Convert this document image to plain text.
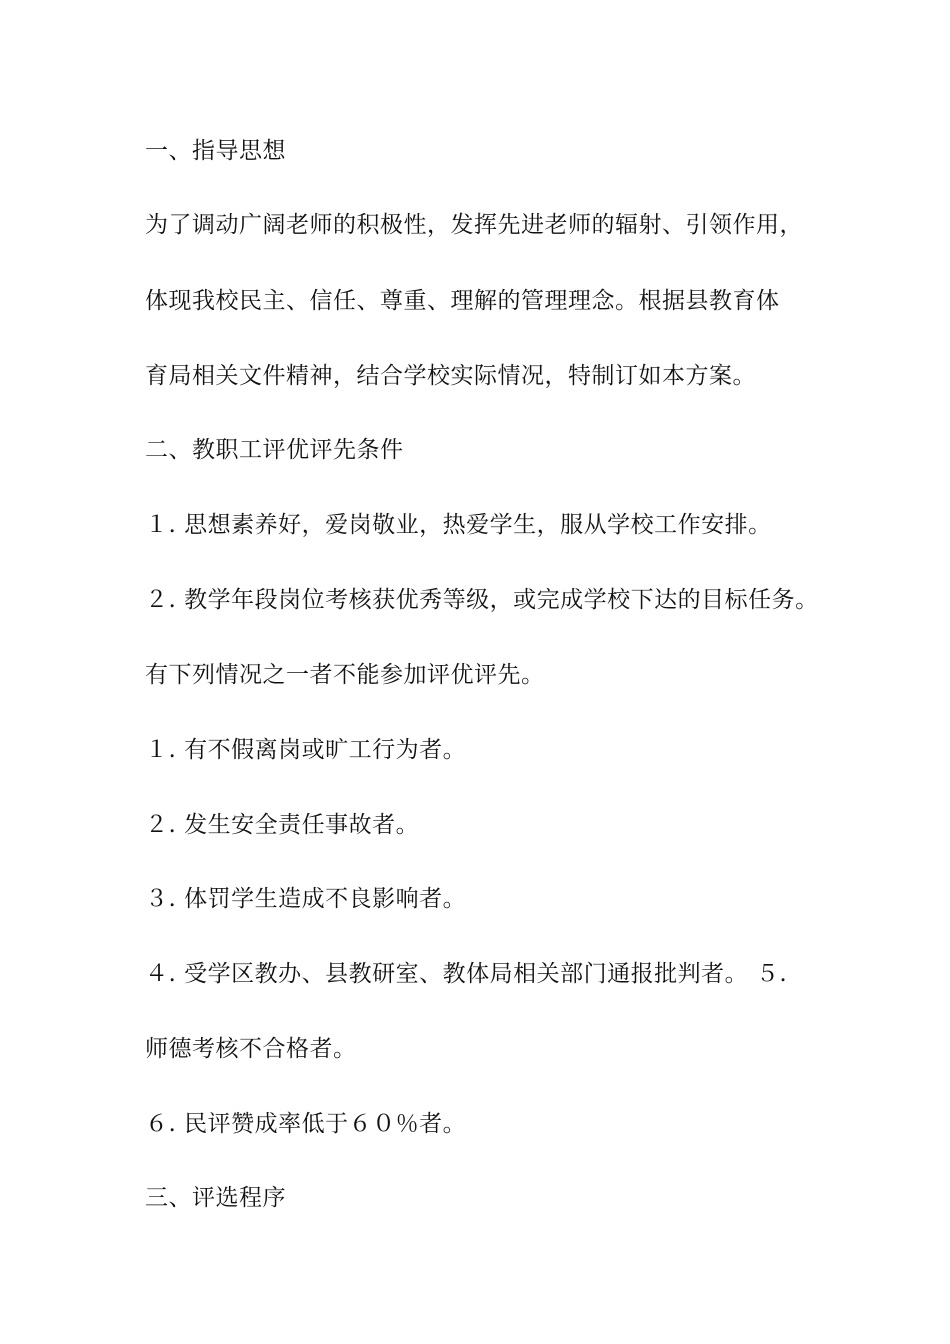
一、指导思想
为了调动广阔老师的积极性，发挥先进老师的辐射、引领作用，
体现我校民主、信任、尊重、理解的管理理念。根据县教育体
育局相关文件精神，结合学校实际情况，特制订如本方案。
二、教职工评优评先条件
１. 思想素养好，爱岗敬业，热爱学生，服从学校工作安排。
２. 教学年段岗位考核获优秀等级，或完成学校下达的目标任务。
有下列情况之一者不能参加评优评先。
１. 有不假离岗或旷工行为者。
２. 发生安全责任事故者。
３. 体罚学生造成不良影响者。
４. 受学区教办、县教研室、教体局相关部门通报批判者。 ５.
师德考核不合格者。
６. 民评赞成率低于６０％者。
三、评选程序
